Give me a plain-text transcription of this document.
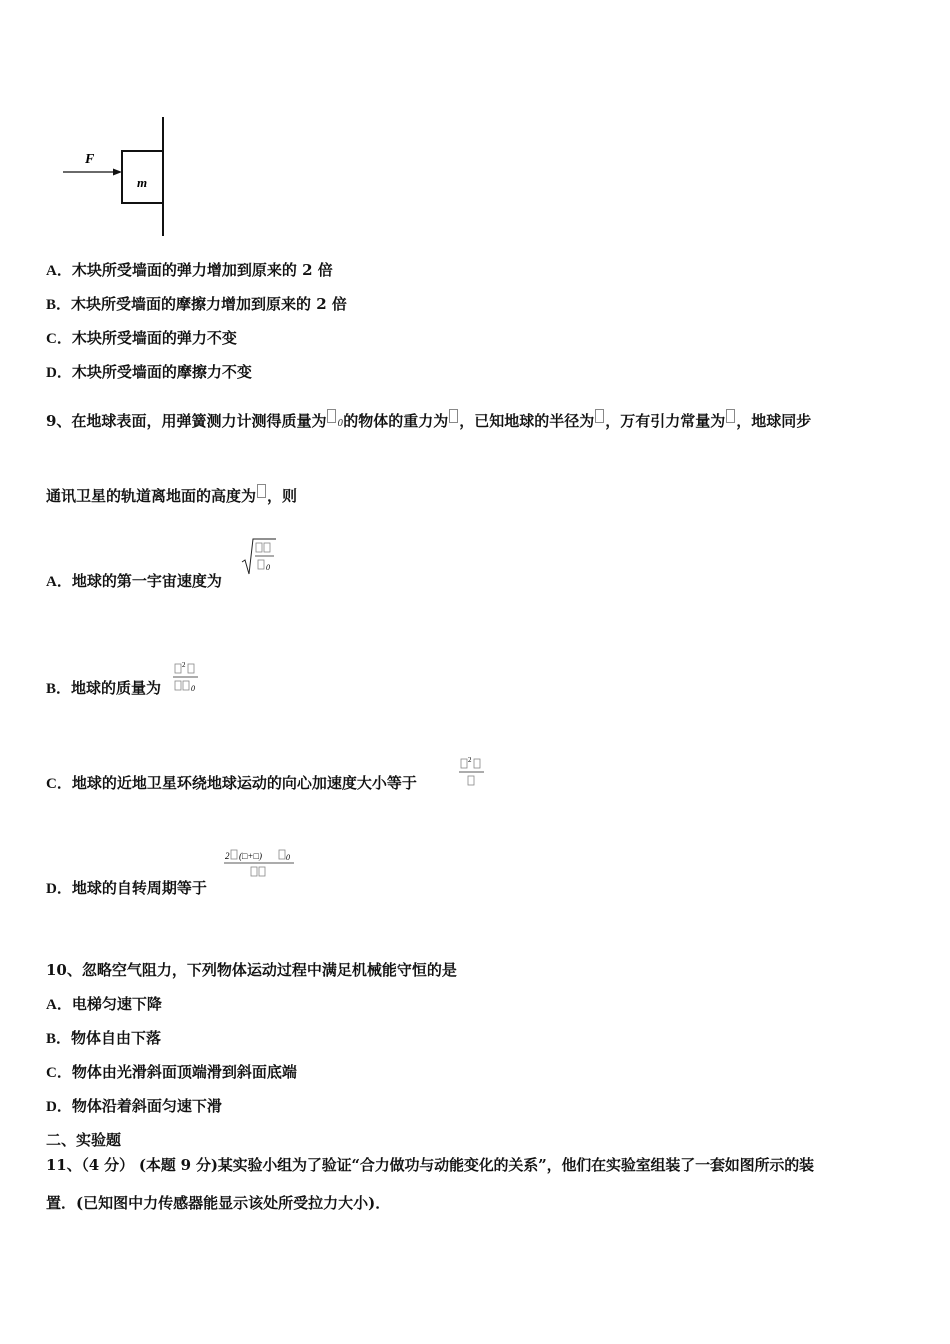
F
m
A．木块所受墙面的弹力增加到原来的 2 倍
B．木块所受墙面的摩擦力增加到原来的 2 倍
C．木块所受墙面的弹力不变
D．木块所受墙面的摩擦力不变
9、在地球表面，用弹簧测力计测得质量为 0的物体的重力为 ，已知地球的半径为 ，万有引力常量为 ，地球同步
通讯卫星的轨道离地面的高度为 ，则
A．地球的第一宇宙速度为
0
B．地球的质量为
2
0
C．地球的近地卫星环绕地球运动的向心加速度大小等于
2
D．地球的自转周期等于
2 (□+□)	0
10、忽略空气阻力，下列物体运动过程中满足机械能守恒的是
A．电梯匀速下降
B．物体自由下落
C．物体由光滑斜面顶端滑到斜面底端
D．物体沿着斜面匀速下滑
二、实验题
11、（4 分） (本题 9 分)某实验小组为了验证“合力做功与动能变化的关系”，他们在实验室组装了一套如图所示的装
置．(已知图中力传感器能显示该处所受拉力大小)．
